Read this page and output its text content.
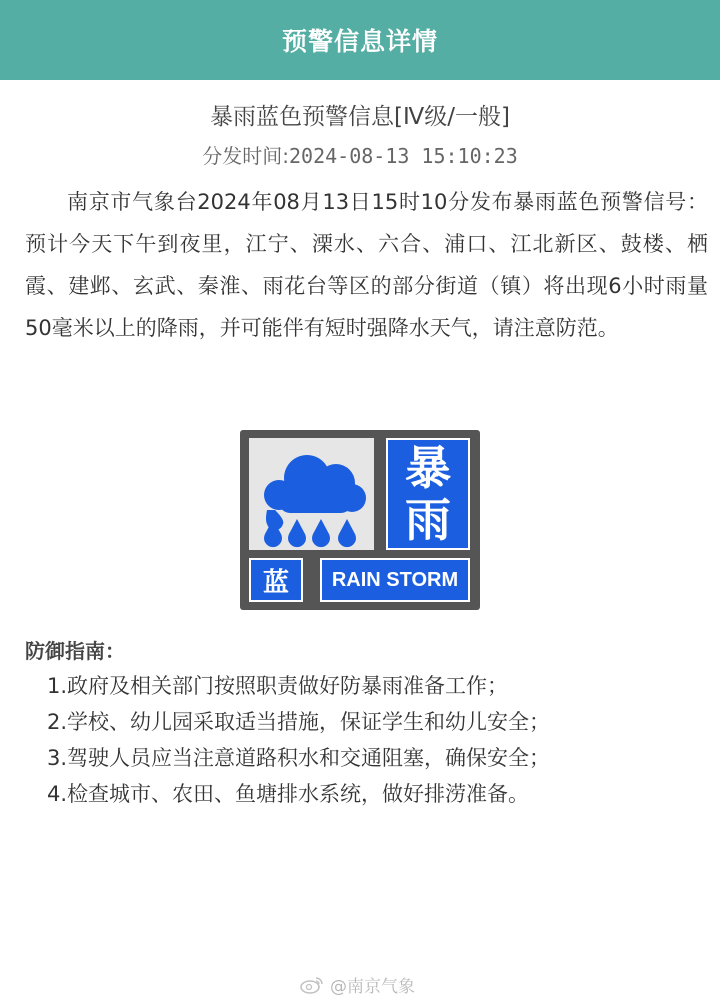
预警信息详情
暴雨蓝色预警信息[Ⅳ级/一般]
分发时间:2024-08-13 15:10:23
南京市气象台2024年08月13日15时10分发布暴雨蓝色预警信号：预计今天下午到夜里，江宁、溧水、六合、浦口、江北新区、鼓楼、栖霞、建邺、玄武、秦淮、雨花台等区的部分街道（镇）将出现6小时雨量50毫米以上的降雨，并可能伴有短时强降水天气，请注意防范。
暴
雨
蓝	RAIN STORM
防御指南：
1.政府及相关部门按照职责做好防暴雨准备工作；
2.学校、幼儿园采取适当措施，保证学生和幼儿安全；
3.驾驶人员应当注意道路积水和交通阻塞，确保安全；
4.检查城市、农田、鱼塘排水系统，做好排涝准备。
@南京气象
